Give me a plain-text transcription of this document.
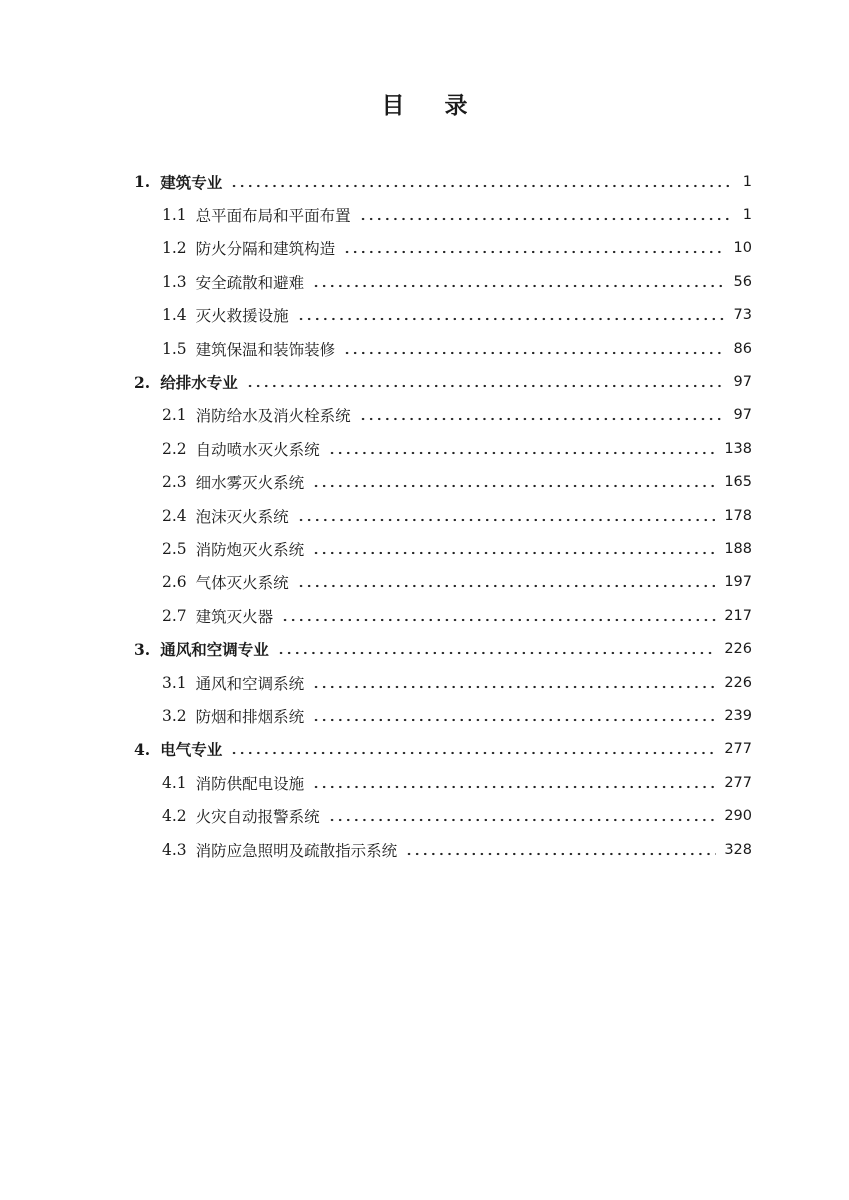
目 录
1. 建筑专业	1
1.1 总平面布局和平面布置	1
1.2 防火分隔和建筑构造	10
1.3 安全疏散和避难	56
1.4 灭火救援设施	73
1.5 建筑保温和装饰装修	86
2. 给排水专业	97
2.1 消防给水及消火栓系统	97
2.2 自动喷水灭火系统	138
2.3 细水雾灭火系统	165
2.4 泡沫灭火系统	178
2.5 消防炮灭火系统	188
2.6 气体灭火系统	197
2.7 建筑灭火器	217
3. 通风和空调专业	226
3.1 通风和空调系统	226
3.2 防烟和排烟系统	239
4. 电气专业	277
4.1 消防供配电设施	277
4.2 火灾自动报警系统	290
4.3 消防应急照明及疏散指示系统	328
